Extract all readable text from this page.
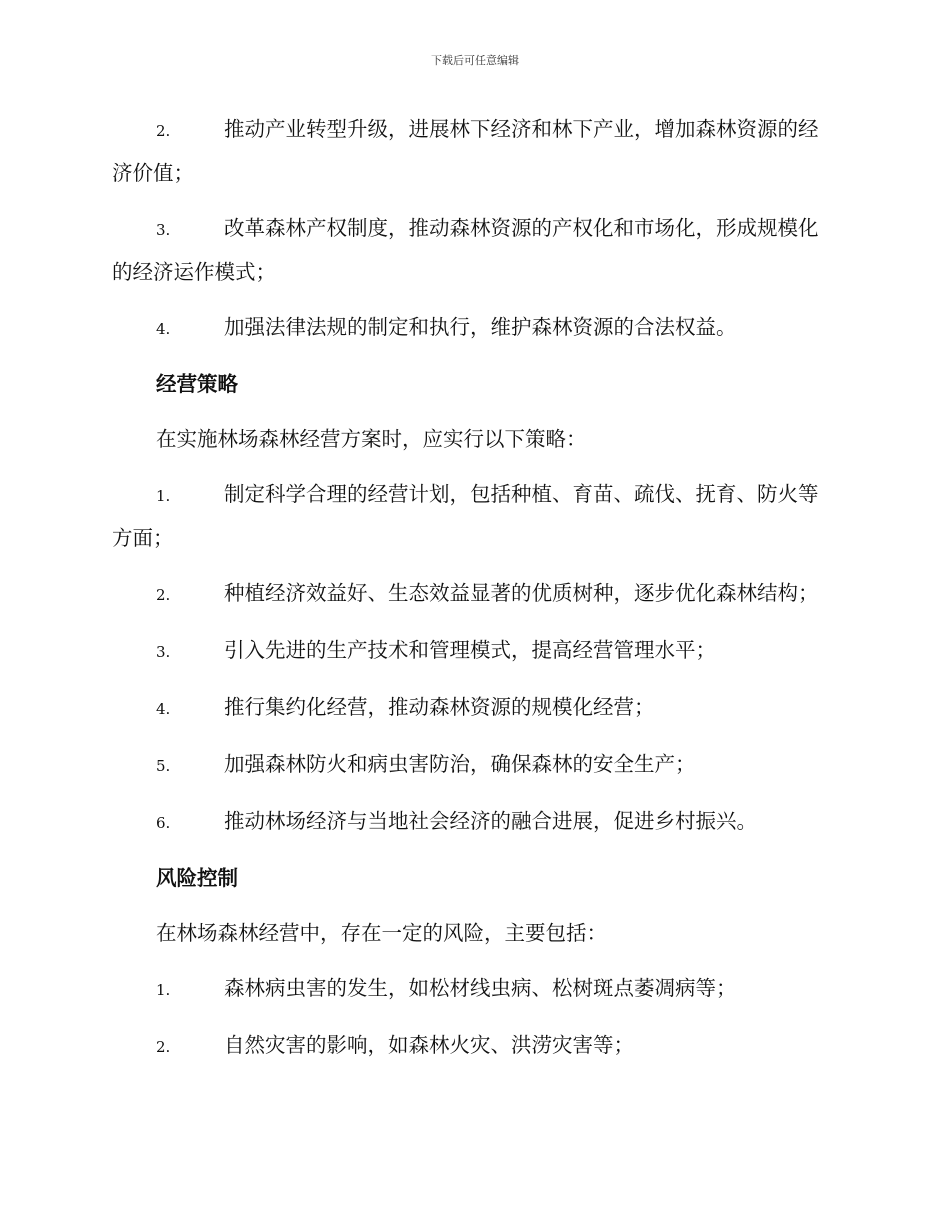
下载后可任意编辑
2.	推动产业转型升级，进展林下经济和林下产业，增加森林资源的经济价值；
3.	改革森林产权制度，推动森林资源的产权化和市场化，形成规模化的经济运作模式；
4.	加强法律法规的制定和执行，维护森林资源的合法权益。
经营策略
在实施林场森林经营方案时，应实行以下策略：
1.	制定科学合理的经营计划，包括种植、育苗、疏伐、抚育、防火等方面；
2.	种植经济效益好、生态效益显著的优质树种，逐步优化森林结构；
3.	引入先进的生产技术和管理模式，提高经营管理水平；
4.	推行集约化经营，推动森林资源的规模化经营；
5.	加强森林防火和病虫害防治，确保森林的安全生产；
6.	推动林场经济与当地社会经济的融合进展，促进乡村振兴。
风险控制
在林场森林经营中，存在一定的风险，主要包括：
1.	森林病虫害的发生，如松材线虫病、松树斑点萎凋病等；
2.	自然灾害的影响，如森林火灾、洪涝灾害等；
